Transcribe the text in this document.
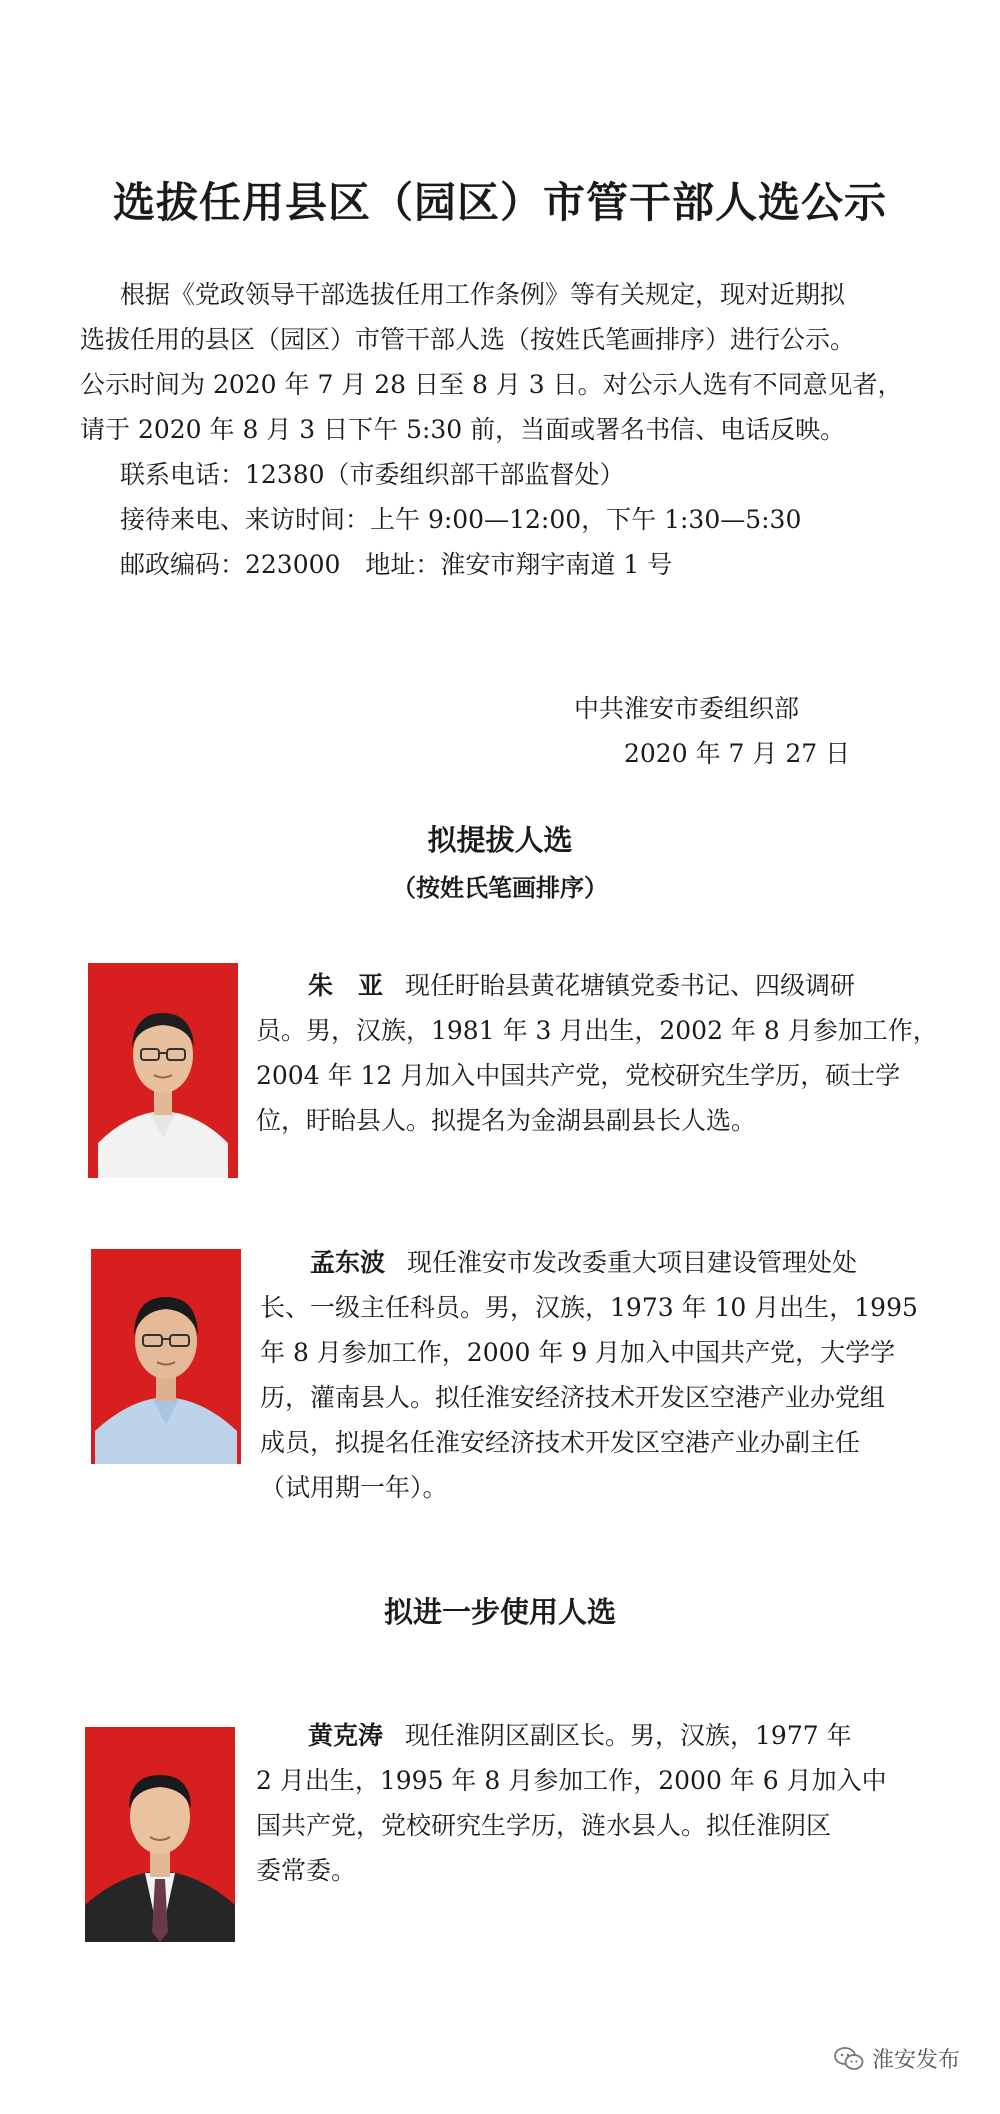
选拔任用县区（园区）市管干部人选公示
根据《党政领导干部选拔任用工作条例》等有关规定，现对近期拟
选拔任用的县区（园区）市管干部人选（按姓氏笔画排序）进行公示。
公示时间为 2020 年 7 月 28 日至 8 月 3 日。对公示人选有不同意见者，
请于 2020 年 8 月 3 日下午 5:30 前，当面或署名书信、电话反映。
联系电话：12380（市委组织部干部监督处）
接待来电、来访时间：上午 9:00—12:00，下午 1:30—5:30
邮政编码：223000　地址：淮安市翔宇南道 1 号
中共淮安市委组织部
2020 年 7 月 27 日
拟提拔人选
（按姓氏笔画排序）
朱　亚 现任盱眙县黄花塘镇党委书记、四级调研
员。男，汉族，1981 年 3 月出生，2002 年 8 月参加工作，
2004 年 12 月加入中国共产党，党校研究生学历，硕士学
位，盱眙县人。拟提名为金湖县副县长人选。
孟东波 现任淮安市发改委重大项目建设管理处处
长、一级主任科员。男，汉族，1973 年 10 月出生，1995
年 8 月参加工作，2000 年 9 月加入中国共产党，大学学
历，灌南县人。拟任淮安经济技术开发区空港产业办党组
成员，拟提名任淮安经济技术开发区空港产业办副主任
（试用期一年）。
拟进一步使用人选
黄克涛 现任淮阴区副区长。男，汉族，1977 年
2 月出生，1995 年 8 月参加工作，2000 年 6 月加入中
国共产党，党校研究生学历，涟水县人。拟任淮阴区
委常委。
淮安发布
